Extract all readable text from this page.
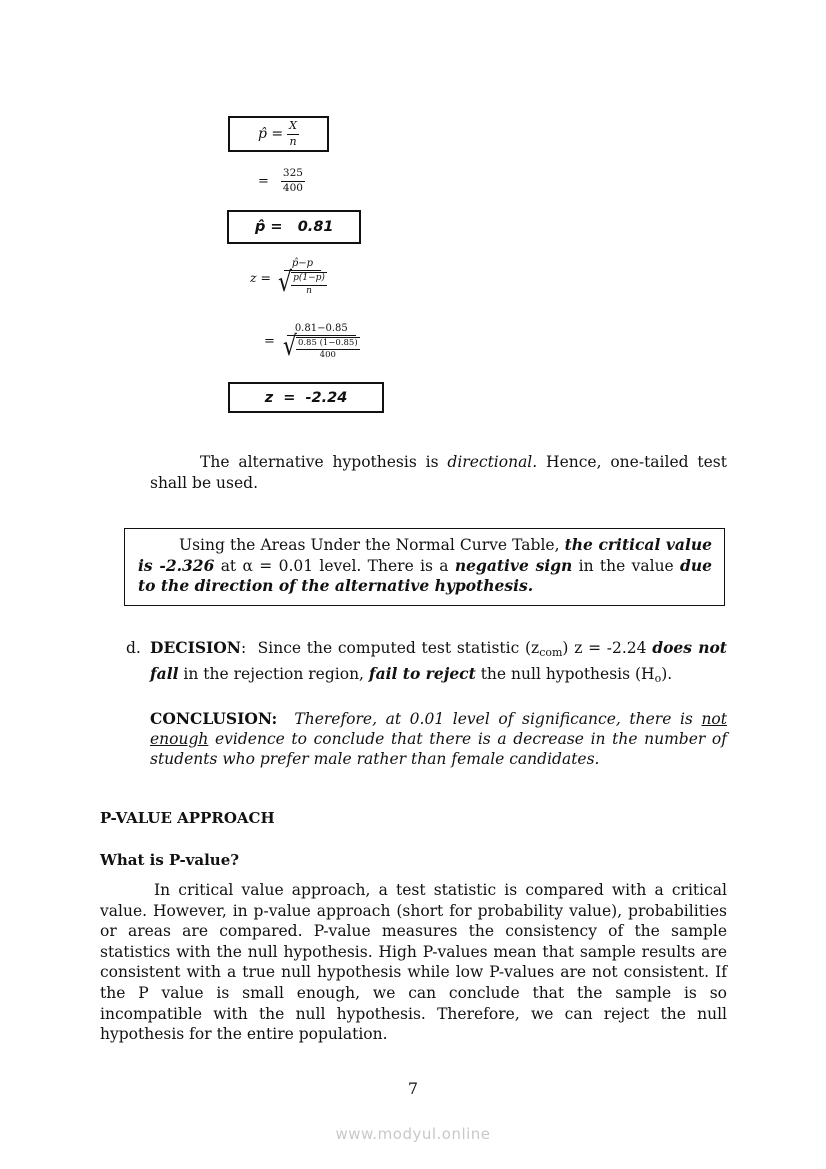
p̂ = $\frac{X}{n}$
= $\frac{325}{400}$
p̂ =   0.81
$z = \frac{p̂-p}{√ \frac{p(1-p)}{n}}$
=
0.81−0.85
√ $\frac{0.85 (1-0.85)}{400}$
z  =  -2.24
The alternative hypothesis is directional. Hence, one-tailed test shall be used.
Using the Areas Under the Normal Curve Table, the critical value is -2.326 at α = 0.01 level. There is a negative sign in the value due to the direction of the alternative hypothesis.
d. DECISION:  Since the computed test statistic $(z_{com}) z = -2.24$ does not fall in the rejection region, fail to reject the null hypothesis $(H_o)$.
CONCLUSION:  Therefore, at 0.01 level of significance, there is not enough evidence to conclude that there is a decrease in the number of students who prefer male rather than female candidates.
P-VALUE APPROACH
What is P-value?
In critical value approach, a test statistic is compared with a critical value. However, in p-value approach (short for probability value), probabilities or areas are compared. P-value measures the consistency of the sample statistics with the null hypothesis. High P-values mean that sample results are consistent with a true null hypothesis while low P-values are not consistent. If the P value is small enough, we can conclude that the sample is so incompatible with the null hypothesis. Therefore, we can reject the null hypothesis for the entire population.
7
www.modyul.online
